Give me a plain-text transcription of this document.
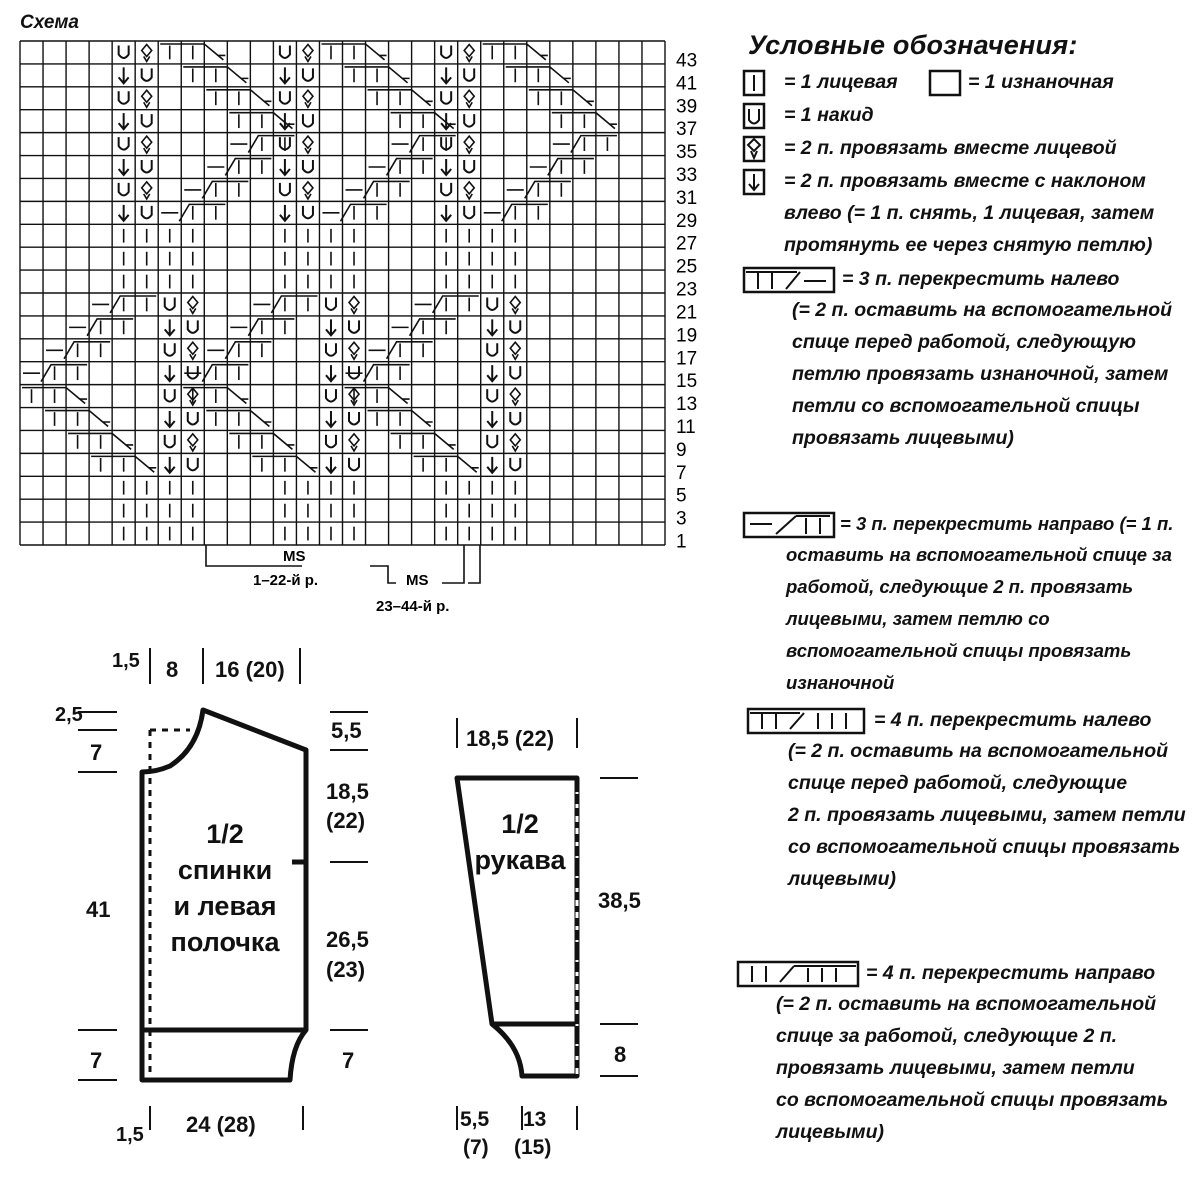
Схема
43
41
39
37
35
33
31
29
27
25
23
21
19
17
15
13
11
9
7
5
3
1
MS
1–22-й р.	MS
23–44-й р.
1,5 8 16 (20)
2,5
7
41
7
5,5
18,5
(22)
26,5
(23)
7
1,5 24 (28)
1/2
спинки
и левая
полочка
18,5 (22)
38,5
8
5,5
(7)
13
(15)
1/2
рукава
Условные обозначения:
= 1 лицевая	= 1 изнаночная
= 1 накид
= 2 п. провязать вместе лицевой
= 2 п. провязать вместе с наклоном
влево (= 1 п. снять, 1 лицевая, затем
протянуть ее через снятую петлю)
= 3 п. перекрестить налево
(= 2 п. оставить на вспомогательной
спице перед работой, следующую
петлю провязать изнаночной, затем
петли со вспомогательной спицы
провязать лицевыми)
= 3 п. перекрестить направо (= 1 п.
оставить на вспомогательной спице за
работой, следующие 2 п. провязать
лицевыми, затем петлю со
вспомогательной спицы провязать
изнаночной
= 4 п. перекрестить налево
(= 2 п. оставить на вспомогательной
спице перед работой, следующие
2 п. провязать лицевыми, затем петли
со вспомогательной спицы провязать
лицевыми)
= 4 п. перекрестить направо
(= 2 п. оставить на вспомогательной
спице за работой, следующие 2 п.
провязать лицевыми, затем петли
со вспомогательной спицы провязать
лицевыми)
